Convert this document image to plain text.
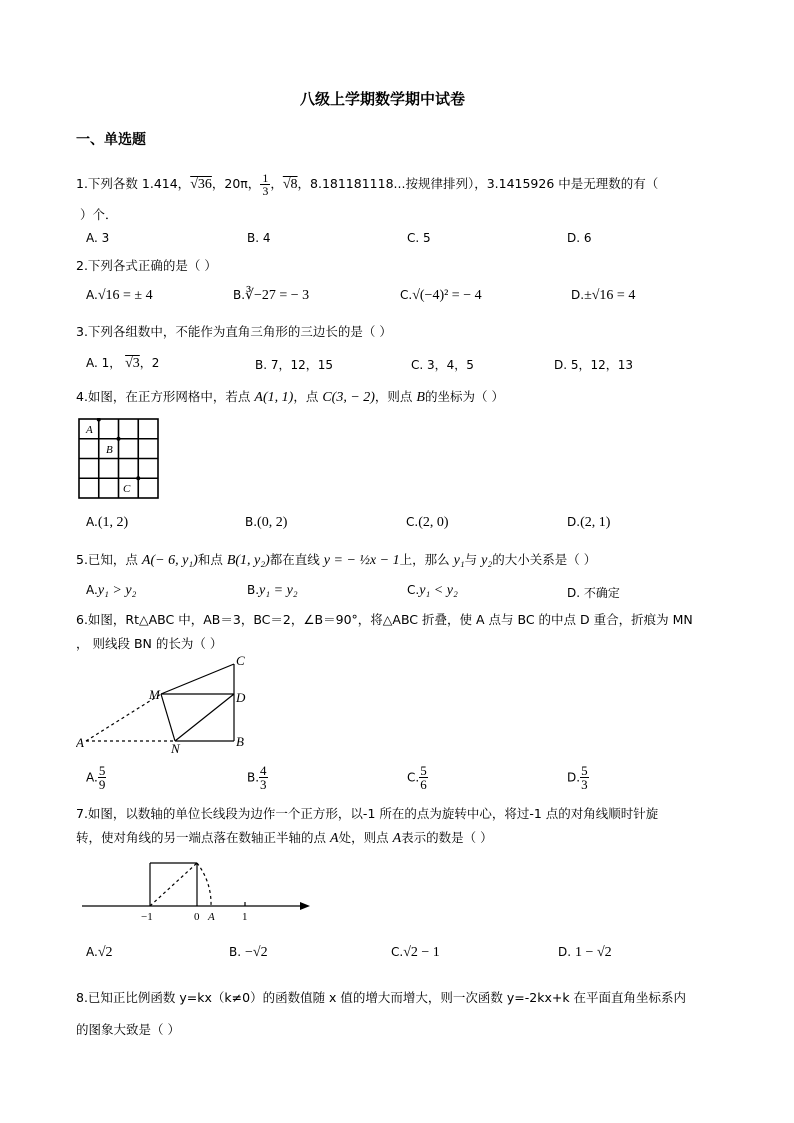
八级上学期数学期中试卷
一、单选题
1.下列各数 1.414，√36，20π， $\frac{1}{3}$ ，√8，8.181181118...按规律排列），3.1415926 中是无理数的有（
）个．
A. 3	B. 4	C. 5	D. 6
2.下列各式正确的是（ ）
A.√16 = ± 4	B.∛−27 = − 3	C.√(−4)² = − 4	D.±√16 = 4
3.下列各组数中，不能作为直角三角形的三边长的是（ ）
A. 1， √3，2	B. 7，12，15	C. 3，4，5	D. 5，12，13
4.如图，在正方形网格中，若点 A(1, 1)，点 C(3, − 2)，则点 B的坐标为（ ）
A
B
C
A.(1, 2)	B.(0, 2)	C.(2, 0)	D.(2, 1)
5.已知，点 A(− 6, y₁)和点 B(1, y₂)都在直线 y = − ½x − 1上，那么 y₁与 y₂的大小关系是（ ）
A.y₁ > y₂	B.y₁ = y₂	C.y₁ < y₂	D. 不确定
6.如图，Rt△ABC 中，AB＝3，BC＝2，∠B＝90°，将△ABC 折叠，使 A 点与 BC 的中点 D 重合，折痕为 MN
， 则线段 BN 的长为（ ）
C
D
B
M
N
A
A. $\frac{5}{9}$	B. $\frac{4}{3}$	C. $\frac{5}{6}$	D. $\frac{5}{3}$
7.如图，以数轴的单位长线段为边作一个正方形，以-1 所在的点为旋转中心，将过-1 点的对角线顺时针旋
转，使对角线的另一端点落在数轴正半轴的点 A处，则点 A表示的数是（ ）
−1	0 A 1
A.√2	B. −√2	C.√2 − 1	D. 1 − √2
8.已知正比例函数 y=kx（k≠0）的函数值随 x 值的增大而增大，则一次函数 y=-2kx+k 在平面直角坐标系内
的图象大致是（ ）
